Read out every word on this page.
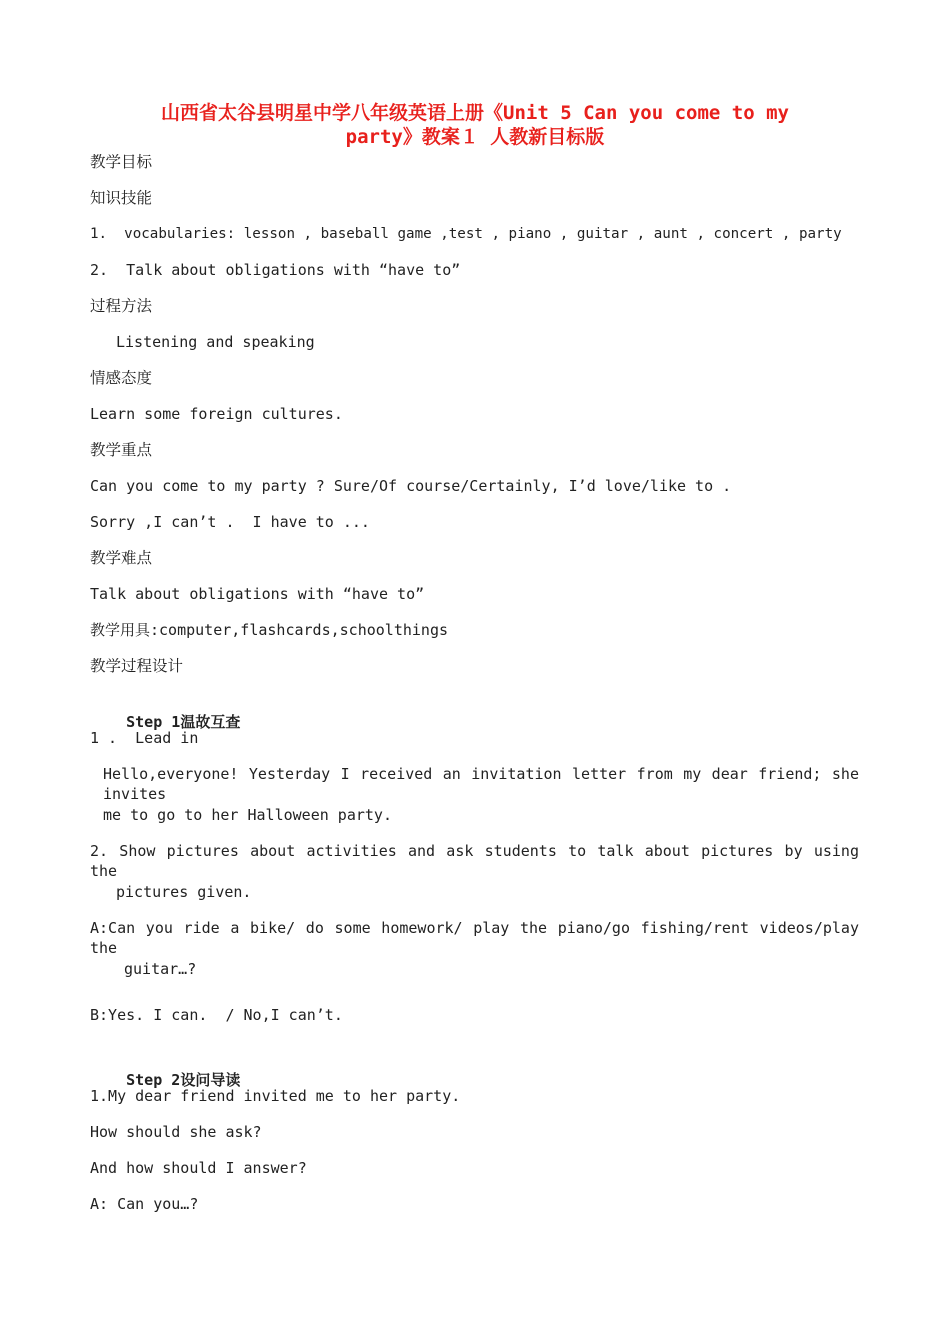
山西省太谷县明星中学八年级英语上册《Unit 5 Can you come to my
party》教案１ 人教新目标版
教学目标
知识技能
1.  vocabularies: lesson , baseball game ,test , piano , guitar , aunt , concert , party
2.  Talk about obligations with “have to”
过程方法
Listening and speaking
情感态度
Learn some foreign cultures.
教学重点
Can you come to my party ? Sure/Of course/Certainly, I’d love/like to .
Sorry ,I can’t .  I have to ...
教学难点
Talk about obligations with “have to”
教学用具:computer,flashcards,schoolthings
教学过程设计

Step 1温故互查

1 .  Lead in
Hello,everyone! Yesterday I received an invitation letter from my dear friend; she invites
me to go to her Halloween party.
2. Show pictures about activities and ask students to talk about pictures by using the
pictures given.
A:Can you ride a bike/ do some homework/ play the piano/go fishing/rent videos/play the
guitar…?
B:Yes. I can.  / No,I can’t.

Step 2设问导读

1.My dear friend invited me to her party.
How should she ask?
And how should I answer?
A: Can you…?
